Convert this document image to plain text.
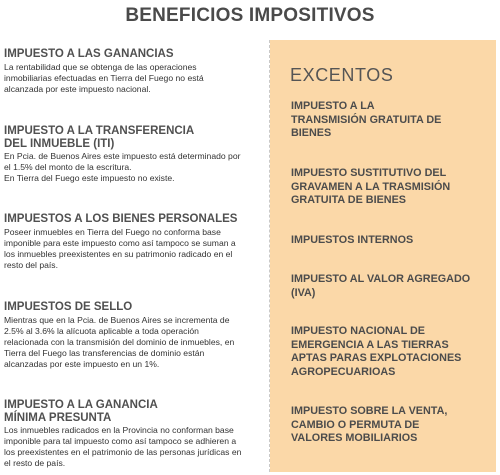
BENEFICIOS IMPOSITIVOS
IMPUESTO A LAS GANANCIAS
La rentabilidad que se obtenga de las operaciones
inmobiliarias efectuadas en Tierra del Fuego no está
alcanzada por este impuesto nacional.
IMPUESTO A LA TRANSFERENCIA
DEL INMUEBLE (ITI)
En Pcia. de Buenos Aires este impuesto está determinado por
el 1.5% del monto de la escritura.
En Tierra del Fuego este impuesto no existe.
IMPUESTOS A LOS BIENES PERSONALES
Poseer inmuebles en Tierra del Fuego no conforma base
imponible para este impuesto como así tampoco se suman a
los inmuebles preexistentes en su patrimonio radicado en el
resto del país.
IMPUESTOS DE SELLO
Mientras que en la Pcia. de Buenos Aires se incrementa de
2.5% al 3.6% la alícuota aplicable a toda operación
relacionada con la transmisión del dominio de inmuebles, en
Tierra del Fuego las transferencias de dominio están
alcanzadas por este impuesto en un 1%.
IMPUESTO A LA GANANCIA
MÍNIMA PRESUNTA
Los inmuebles radicados en la Provincia no conforman base
imponible para tal impuesto como así tampoco se adhieren a
los preexistentes en el patrimonio de las personas jurídicas en
el resto de país.
EXCENTOS
IMPUESTO A LA
TRANSMISIÓN GRATUITA DE
BIENES
IMPUESTO SUSTITUTIVO DEL
GRAVAMEN A LA TRASMISIÓN
GRATUITA DE BIENES
IMPUESTOS INTERNOS
IMPUESTO AL VALOR AGREGADO
(IVA)
IMPUESTO NACIONAL DE
EMERGENCIA A LAS TIERRAS
APTAS PARAS EXPLOTACIONES
AGROPECUARIOAS
IMPUESTO SOBRE LA VENTA,
CAMBIO O PERMUTA DE
VALORES MOBILIARIOS
